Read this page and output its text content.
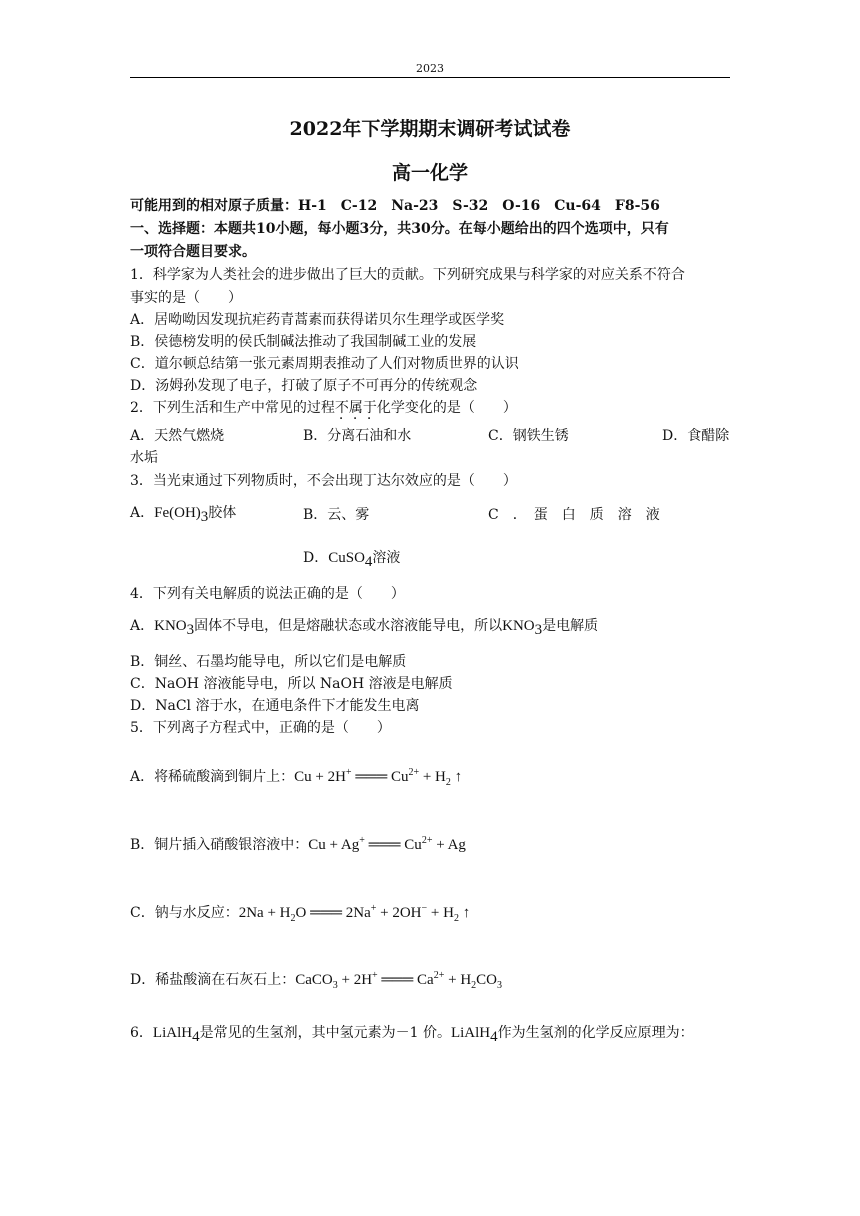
2023
2022年下学期期末调研考试试卷
高一化学
可能用到的相对原子质量：H-1　C-12　Na-23　S-32　O-16　Cu-64　F8-56
一、选择题：本题共10小题，每小题3分，共30分。在每小题给出的四个选项中，只有
一项符合题目要求。
1．科学家为人类社会的进步做出了巨大的贡献。下列研究成果与科学家的对应关系不符合
事实的是（　　）
A．居呦呦因发现抗疟药青蒿素而获得诺贝尔生理学或医学奖
B．侯德榜发明的侯氏制碱法推动了我国制碱工业的发展
C．道尔顿总结第一张元素周期表推动了人们对物质世界的认识
D．汤姆孙发现了电子，打破了原子不可再分的传统观念
2．下列生活和生产中常见的过程不属于化学变化的是（　　）
A．天然气燃烧	B．分离石油和水	C．钢铁生锈	D．食醋除
水垢
3．当光束通过下列物质时，不会出现丁达尔效应的是（　　）
A．$Fe(OH)_3$胶体	B．云、雾	C　．　蛋　白　质　溶　液
D．CuSO$_4$溶液
4．下列有关电解质的说法正确的是（　　）
A．$KNO_3$固体不导电，但是熔融状态或水溶液能导电，所以$KNO_3$是电解质
B．铜丝、石墨均能导电，所以它们是电解质
C．NaOH 溶液能导电，所以 NaOH 溶液是电解质
D．NaCl 溶于水，在通电条件下才能发生电离
5．下列离子方程式中，正确的是（　　）
A．将稀硫酸滴到铜片上：Cu + 2H+ ═══ $Cu^{2+} + H_2$ ↑
B．铜片插入硝酸银溶液中：Cu + Ag+ ═══ $Cu^{2+} + Ag$
C．钠与水反应：$2Na + H_2O$ ═══ $2Na^+ + 2OH^- + H_2$ ↑
D．稀盐酸滴在石灰石上：CaCO$_3$ + 2H+ ═══ $Ca^{2+} + H_2CO_3$
6．LiAlH$_4$是常见的生氢剂，其中氢元素为－1 价。LiAlH$_4$作为生氢剂的化学反应原理为：
